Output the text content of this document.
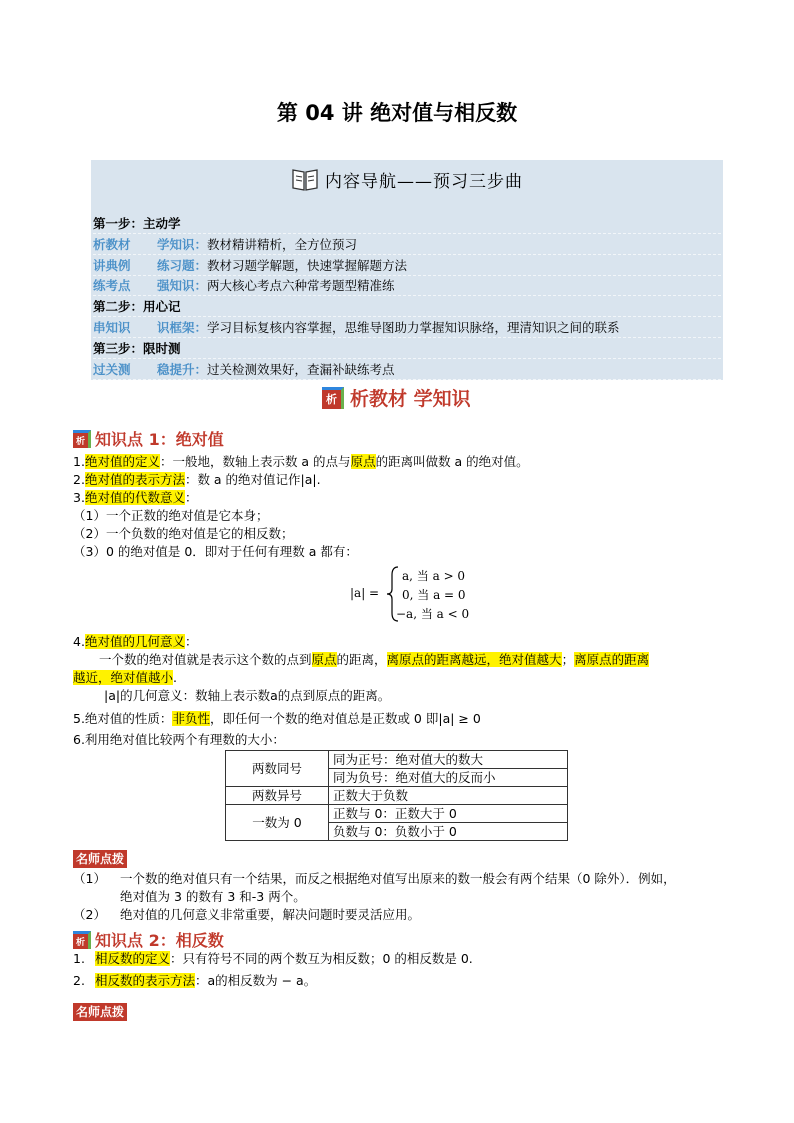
第 04 讲 绝对值与相反数
内容导航——预习三步曲
第一步：主动学
析教材 学知识：教材精讲精析，全方位预习
讲典例 练习题：教材习题学解题，快速掌握解题方法
练考点 强知识：两大核心考点六种常考题型精准练
第二步：用心记
串知识 识框架：学习目标复核内容掌握，思维导图助力掌握知识脉络，理清知识之间的联系
第三步：限时测
过关测 稳提升：过关检测效果好，查漏补缺练考点
析 析教材 学知识
析 知识点 1：绝对值
1.绝对值的定义：一般地，数轴上表示数 a 的点与原点的距离叫做数 a 的绝对值。
2.绝对值的表示方法：数 a 的绝对值记作|a|.
3.绝对值的代数意义：
（1）一个正数的绝对值是它本身；
（2）一个负数的绝对值是它的相反数；
（3）0 的绝对值是 0．即对于任何有理数 a 都有：
|a| =
a, 当 a > 0
0, 当 a = 0
−a, 当 a < 0
4.绝对值的几何意义：
一个数的绝对值就是表示这个数的点到原点的距离，离原点的距离越远，绝对值越大；离原点的距离
越近，绝对值越小.
|a|的几何意义：数轴上表示数a的点到原点的距离。
5.绝对值的性质：非负性，即任何一个数的绝对值总是正数或 0 即|a| ≥ 0
6.利用绝对值比较两个有理数的大小：
两数同号	同为正号：绝对值大的数大
	同为负号：绝对值大的反而小
两数异号	正数大于负数
一数为 0	正数与 0：正数大于 0
	负数与 0：负数小于 0
名师点拨
（1） 一个数的绝对值只有一个结果，而反之根据绝对值写出原来的数一般会有两个结果（0 除外）．例如，
绝对值为 3 的数有 3 和-3 两个。
（2） 绝对值的几何意义非常重要，解决问题时要灵活应用。
析 知识点 2：相反数
1. 相反数的定义：只有符号不同的两个数互为相反数；0 的相反数是 0.
2. 相反数的表示方法：a的相反数为 − a。
名师点拨
